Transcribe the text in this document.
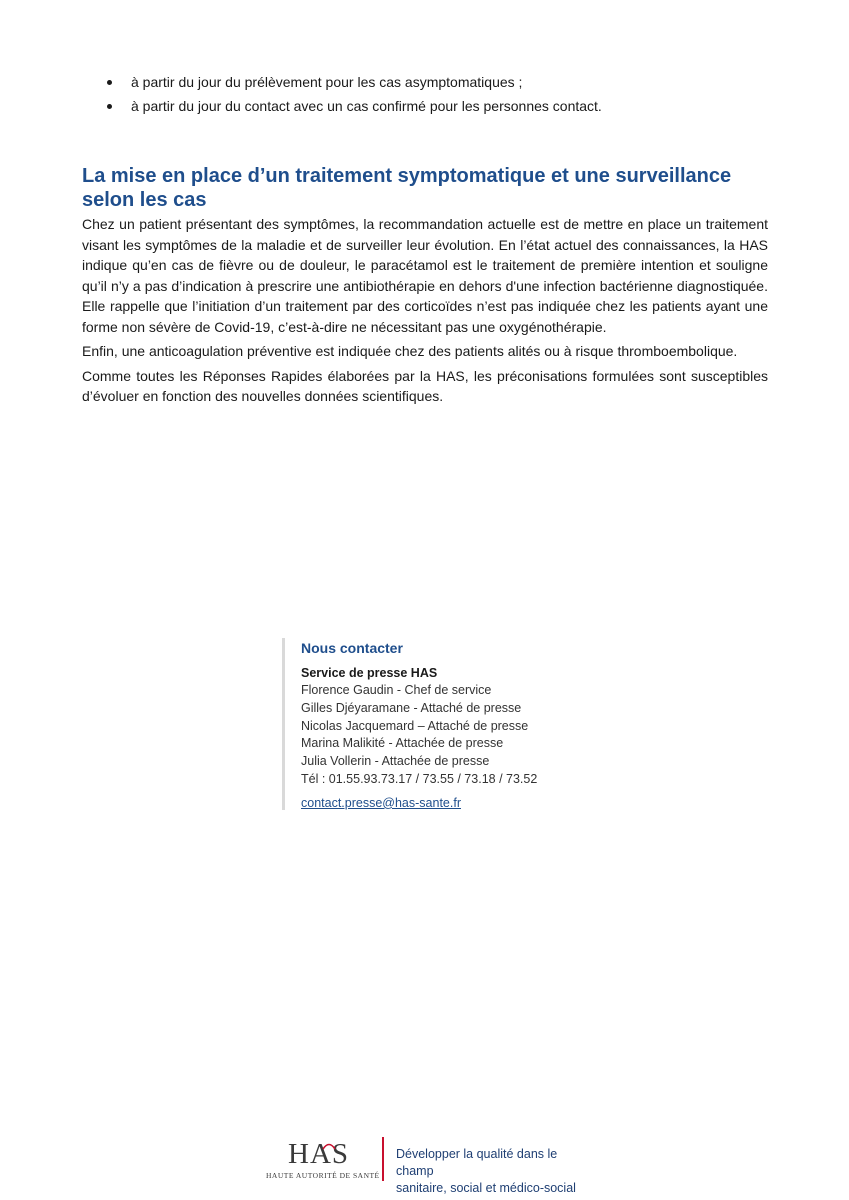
à partir du jour du prélèvement pour les cas asymptomatiques ;
à partir du jour du contact avec un cas confirmé pour les personnes contact.
La mise en place d’un traitement symptomatique et une surveillance selon les cas

Chez un patient présentant des symptômes, la recommandation actuelle est de mettre en place un traitement visant les symptômes de la maladie et de surveiller leur évolution. En l’état actuel des connaissances, la HAS indique qu’en cas de fièvre ou de douleur, le paracétamol est le traitement de première intention et souligne qu’il n’y a pas d’indication à prescrire une antibiothérapie en dehors d'une infection bactérienne diagnostiquée. Elle rappelle que l’initiation d’un traitement par des corticoïdes n’est pas indiquée chez les patients ayant une forme non sévère de Covid-19, c’est-à-dire ne nécessitant pas une oxygénothérapie.

Enfin, une anticoagulation préventive est indiquée chez des patients alités ou à risque thromboembolique.

Comme toutes les Réponses Rapides élaborées par la HAS, les préconisations formulées sont susceptibles d’évoluer en fonction des nouvelles données scientifiques.

Nous contacter
Service de presse HAS
Florence Gaudin - Chef de service
Gilles Djéyaramane - Attaché de presse
Nicolas Jacquemard – Attaché de presse
Marina Malikité - Attachée de presse
Julia Vollerin - Attachée de presse
Tél : 01.55.93.73.17 / 73.55 / 73.18 / 73.52
contact.presse@has-sante.fr
HAS
HAUTE AUTORITÉ DE SANTÉ
Développer la qualité dans le champ
sanitaire, social et médico-social
